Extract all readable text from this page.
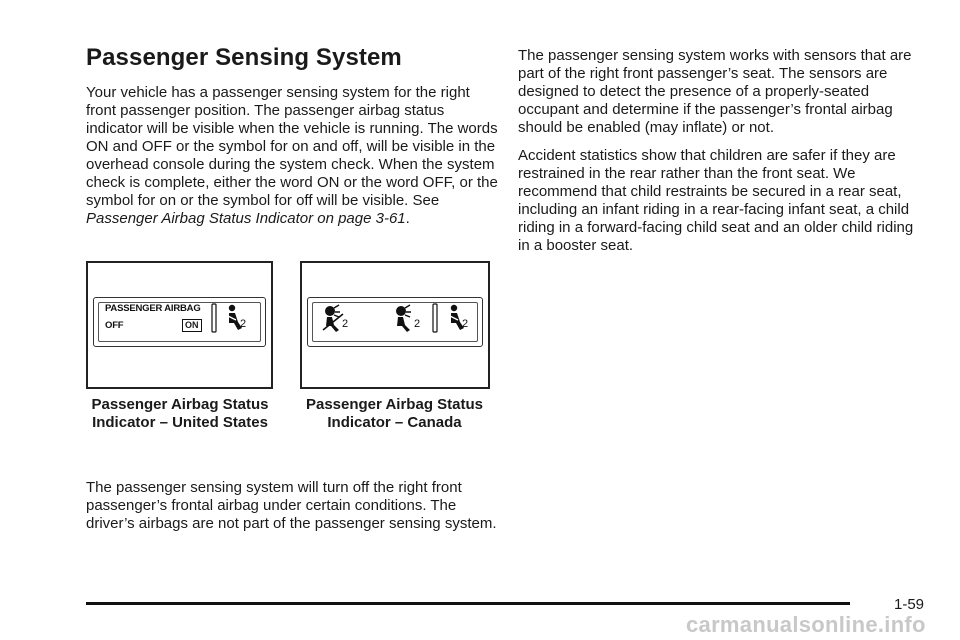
Passenger Sensing System

Your vehicle has a passenger sensing system for the right front passenger position. The passenger airbag status indicator will be visible when the vehicle is running. The words ON and OFF or the symbol for on and off, will be visible in the overhead console during the system check. When the system check is complete, either the word ON or the word OFF, or the symbol for on or the symbol for off will be visible. See Passenger Airbag Status Indicator on page 3-61.

PASSENGER AIRBAG
OFF	ON	2	2	2	2
Passenger Airbag Status Indicator – United States
Passenger Airbag Status Indicator – Canada

The passenger sensing system will turn off the right front passenger’s frontal airbag under certain conditions. The driver’s airbags are not part of the passenger sensing system.

The passenger sensing system works with sensors that are part of the right front passenger’s seat. The sensors are designed to detect the presence of a properly-seated occupant and determine if the passenger’s frontal airbag should be enabled (may inflate) or not.

Accident statistics show that children are safer if they are restrained in the rear rather than the front seat. We recommend that child restraints be secured in a rear seat, including an infant riding in a rear-facing infant seat, a child riding in a forward-facing child seat and an older child riding in a booster seat.

1-59
carmanualsonline.info
